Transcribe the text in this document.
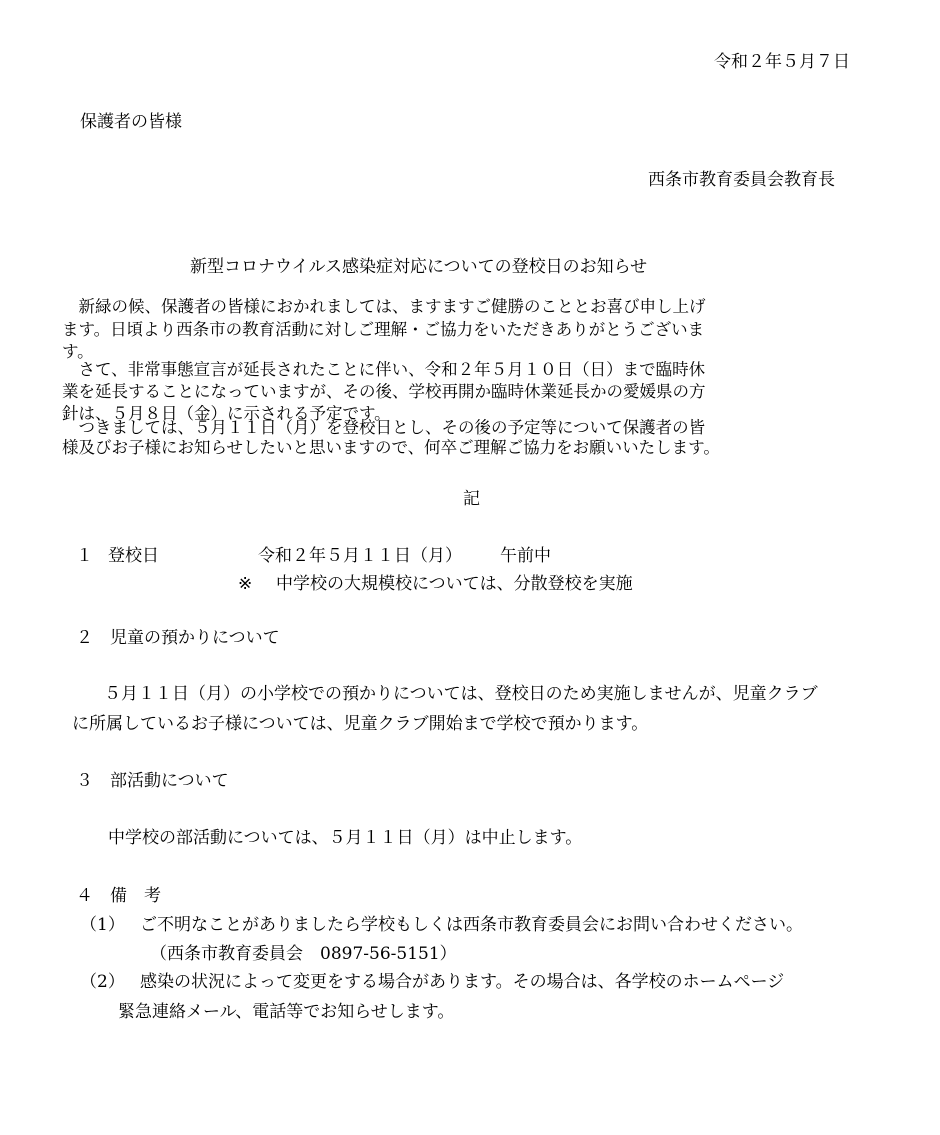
令和２年５月７日
保護者の皆様
西条市教育委員会教育長
新型コロナウイルス感染症対応についての登校日のお知らせ
　新緑の候、保護者の皆様におかれましては、ますますご健勝のこととお喜び申し上げ
ます。日頃より西条市の教育活動に対しご理解・ご協力をいただきありがとうございま
す。
　さて、非常事態宣言が延長されたことに伴い、令和２年５月１０日（日）まで臨時休
業を延長することになっていますが、その後、学校再開か臨時休業延長かの愛媛県の方
針は、５月８日（金）に示される予定です。
　つきましては、５月１１日（月）を登校日とし、その後の予定等について保護者の皆
様及びお子様にお知らせしたいと思いますので、何卒ご理解ご協力をお願いいたします。
記
１ 登校日	令和２年５月１１日（月） 午前中
※ 中学校の大規模校については、分散登校を実施
２　児童の預かりについて
５月１１日（月）の小学校での預かりについては、登校日のため実施しませんが、児童クラブ
に所属しているお子様については、児童クラブ開始まで学校で預かります。
３　部活動について
中学校の部活動については、５月１１日（月）は中止します。
４　備　考
（1） ご不明なことがありましたら学校もしくは西条市教育委員会にお問い合わせください。
（西条市教育委員会　0897-56-5151）
（2） 感染の状況によって変更をする場合があります。その場合は、各学校のホームページ
緊急連絡メール、電話等でお知らせします。
